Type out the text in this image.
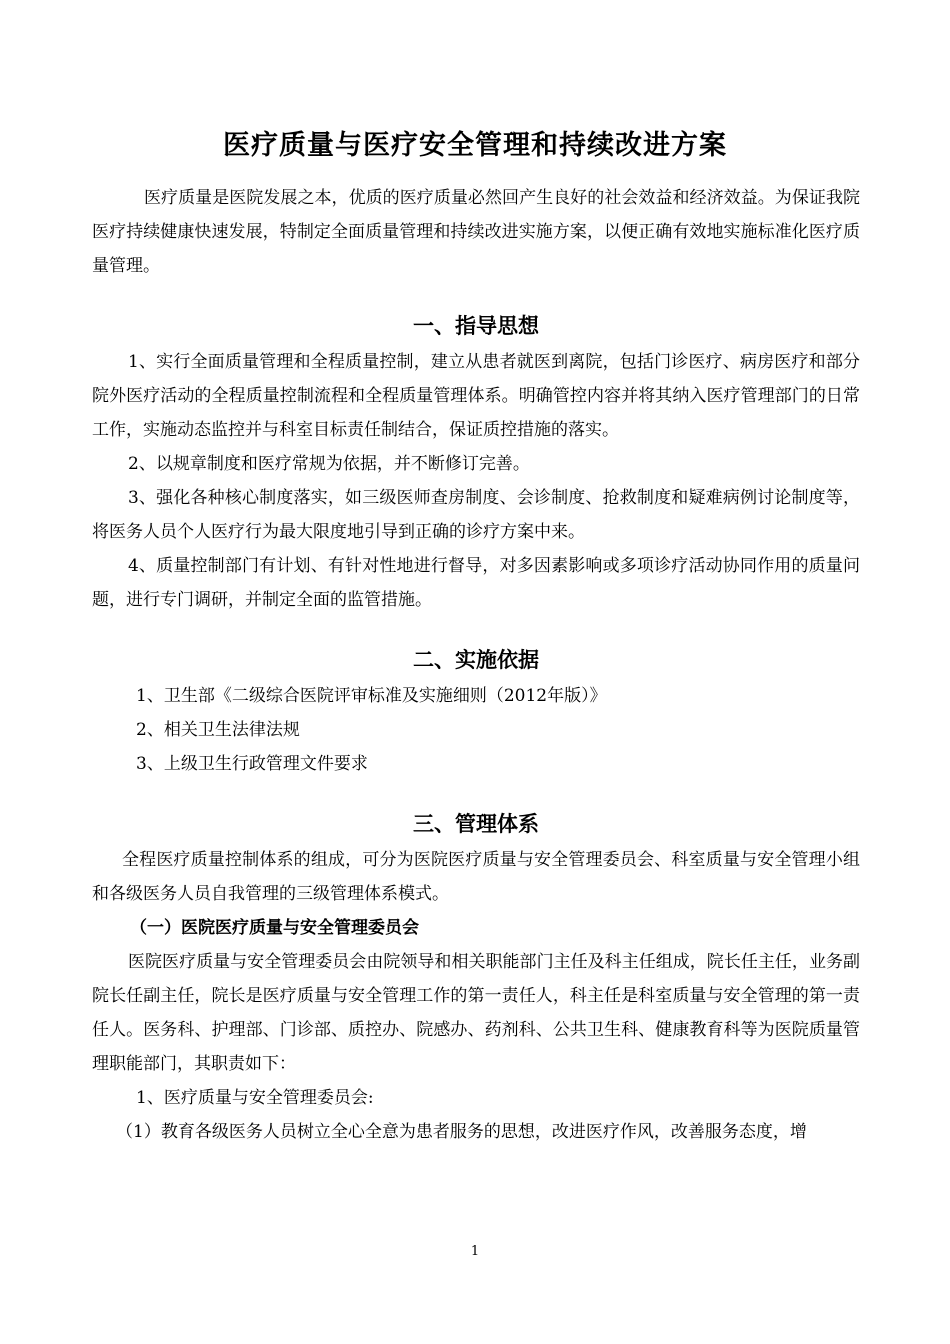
医疗质量与医疗安全管理和持续改进方案

医疗质量是医院发展之本，优质的医疗质量必然回产生良好的社会效益和经济效益。为保证我院医疗持续健康快速发展，特制定全面质量管理和持续改进实施方案，以便正确有效地实施标准化医疗质量管理。

一、指导思想

1、实行全面质量管理和全程质量控制，建立从患者就医到离院，包括门诊医疗、病房医疗和部分院外医疗活动的全程质量控制流程和全程质量管理体系。明确管控内容并将其纳入医疗管理部门的日常工作，实施动态监控并与科室目标责任制结合，保证质控措施的落实。

2、以规章制度和医疗常规为依据，并不断修订完善。

3、强化各种核心制度落实，如三级医师查房制度、会诊制度、抢救制度和疑难病例讨论制度等，将医务人员个人医疗行为最大限度地引导到正确的诊疗方案中来。

4、质量控制部门有计划、有针对性地进行督导，对多因素影响或多项诊疗活动协同作用的质量问题，进行专门调研，并制定全面的监管措施。

二、实施依据

1、卫生部《二级综合医院评审标准及实施细则（2012年版）》

2、相关卫生法律法规

3、上级卫生行政管理文件要求

三、管理体系

全程医疗质量控制体系的组成，可分为医院医疗质量与安全管理委员会、科室质量与安全管理小组和各级医务人员自我管理的三级管理体系模式。

（一）医院医疗质量与安全管理委员会

医院医疗质量与安全管理委员会由院领导和相关职能部门主任及科主任组成，院长任主任，业务副院长任副主任，院长是医疗质量与安全管理工作的第一责任人，科主任是科室质量与安全管理的第一责任人。医务科、护理部、门诊部、质控办、院感办、药剂科、公共卫生科、健康教育科等为医院质量管理职能部门，其职责如下：

1、医疗质量与安全管理委员会:

（1）教育各级医务人员树立全心全意为患者服务的思想，改进医疗作风，改善服务态度，增

1
